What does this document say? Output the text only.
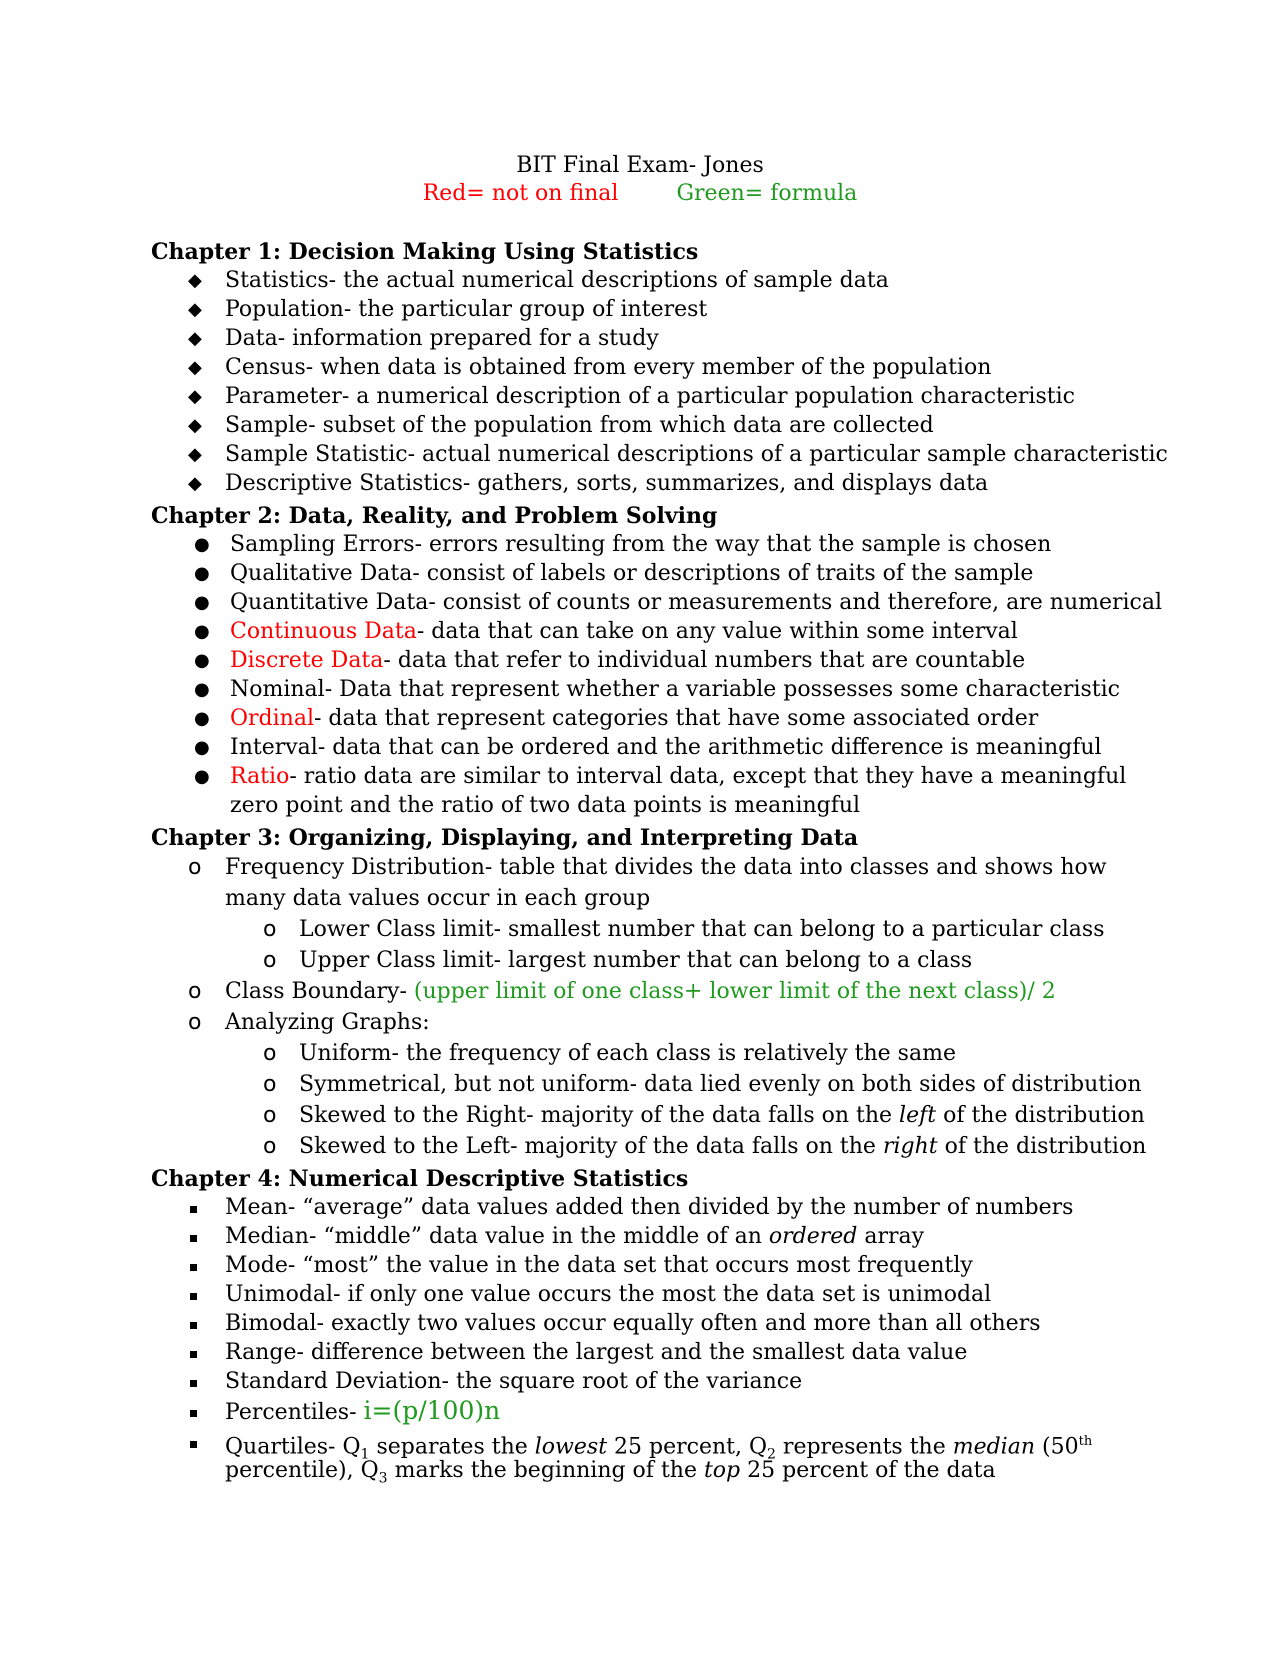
BIT Final Exam- Jones
Red= not on final	Green= formula
Chapter 1: Decision Making Using Statistics
◆ Statistics- the actual numerical descriptions of sample data
◆ Population- the particular group of interest
◆ Data- information prepared for a study
◆ Census- when data is obtained from every member of the population
◆ Parameter- a numerical description of a particular population characteristic
◆ Sample- subset of the population from which data are collected
◆ Sample Statistic- actual numerical descriptions of a particular sample characteristic
◆ Descriptive Statistics- gathers, sorts, summarizes, and displays data
Chapter 2: Data, Reality, and Problem Solving
● Sampling Errors- errors resulting from the way that the sample is chosen
● Qualitative Data- consist of labels or descriptions of traits of the sample
● Quantitative Data- consist of counts or measurements and therefore, are numerical
● Continuous Data- data that can take on any value within some interval
● Discrete Data- data that refer to individual numbers that are countable
● Nominal- Data that represent whether a variable possesses some characteristic
● Ordinal- data that represent categories that have some associated order
● Interval- data that can be ordered and the arithmetic difference is meaningful
● Ratio- ratio data are similar to interval data, except that they have a meaningful
zero point and the ratio of two data points is meaningful
Chapter 3: Organizing, Displaying, and Interpreting Data
o Frequency Distribution- table that divides the data into classes and shows how
many data values occur in each group
o Lower Class limit- smallest number that can belong to a particular class
o Upper Class limit- largest number that can belong to a class
o Class Boundary- (upper limit of one class+ lower limit of the next class)/ 2
o Analyzing Graphs:
o Uniform- the frequency of each class is relatively the same
o Symmetrical, but not uniform- data lied evenly on both sides of distribution
o Skewed to the Right- majority of the data falls on the left of the distribution
o Skewed to the Left- majority of the data falls on the right of the distribution
Chapter 4: Numerical Descriptive Statistics
Mean- “average” data values added then divided by the number of numbers
Median- “middle” data value in the middle of an ordered array
Mode- “most” the value in the data set that occurs most frequently
Unimodal- if only one value occurs the most the data set is unimodal
Bimodal- exactly two values occur equally often and more than all others
Range- difference between the largest and the smallest data value
Standard Deviation- the square root of the variance
Percentiles- i=(p/100)n
Quartiles- $Q_1$ separates the lowest 25 percent, $Q_2$ represents the median (50th
percentile), $Q_3$ marks the beginning of the top 25 percent of the data
